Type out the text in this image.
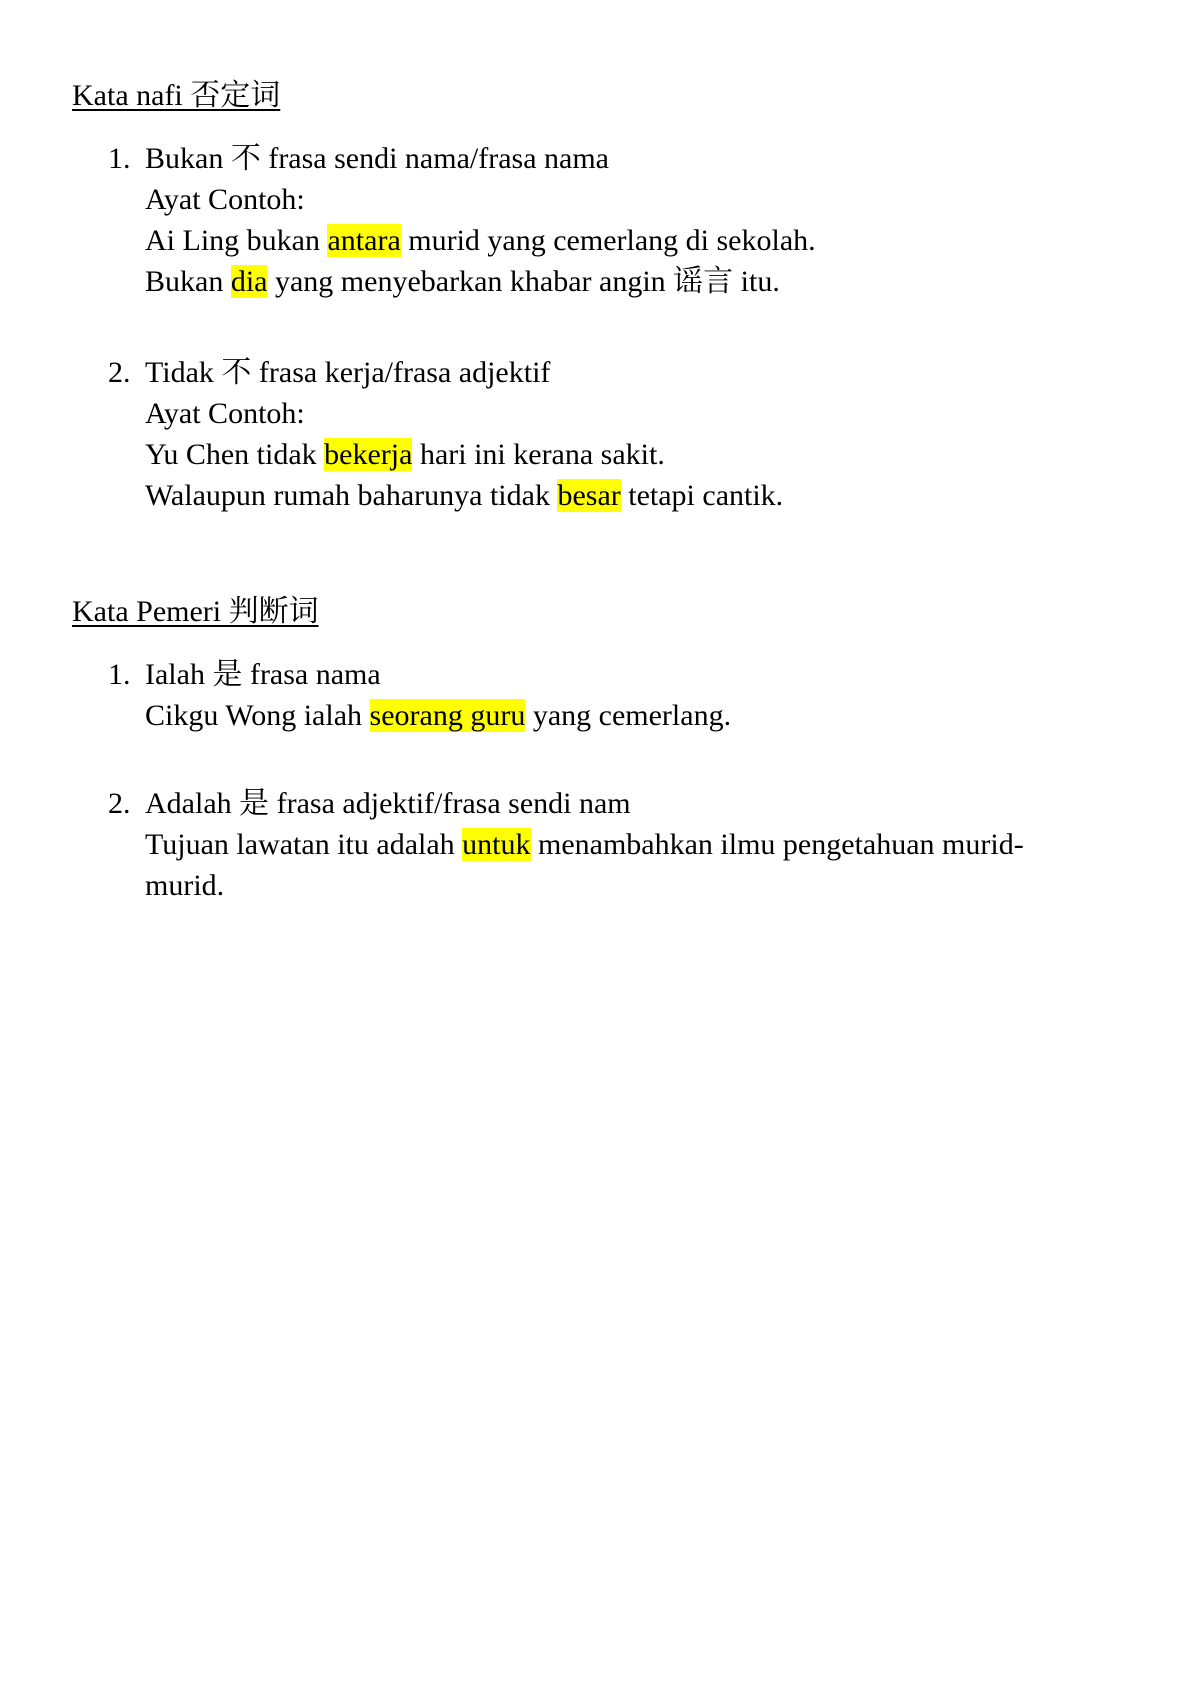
Kata nafi 否定词
1. Bukan 不 frasa sendi nama/frasa nama
Ayat Contoh:
Ai Ling bukan antara murid yang cemerlang di sekolah.
Bukan dia yang menyebarkan khabar angin 谣言 itu.
2. Tidak 不 frasa kerja/frasa adjektif
Ayat Contoh:
Yu Chen tidak bekerja hari ini kerana sakit.
Walaupun rumah baharunya tidak besar tetapi cantik.
Kata Pemeri 判断词
1. Ialah 是 frasa nama
Cikgu Wong ialah seorang guru yang cemerlang.
2. Adalah 是 frasa adjektif/frasa sendi nam
Tujuan lawatan itu adalah untuk menambahkan ilmu pengetahuan murid-
murid.
